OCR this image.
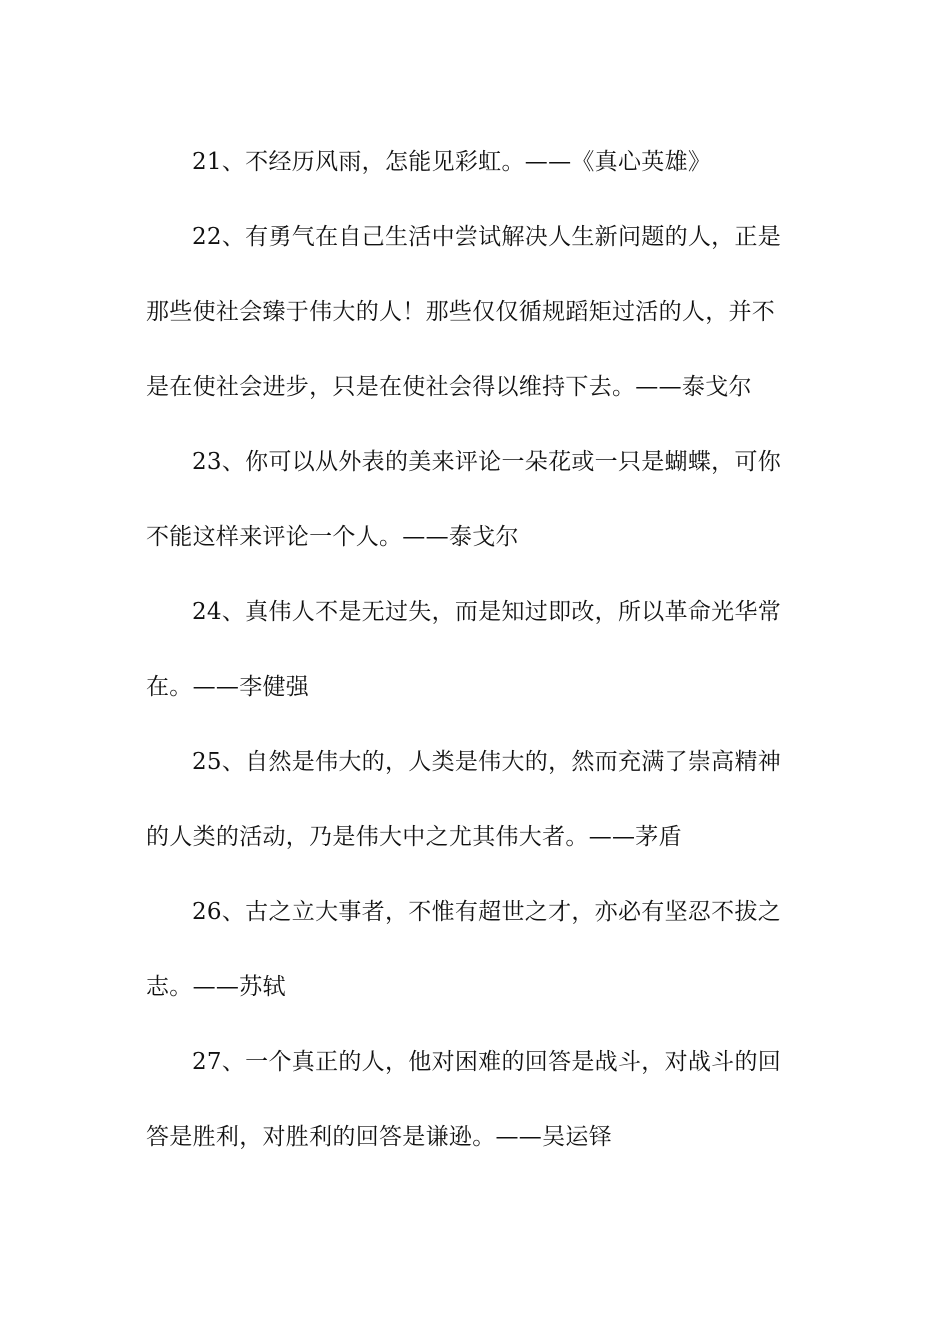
21、不经历风雨，怎能见彩虹。——《真心英雄》
22、有勇气在自己生活中尝试解决人生新问题的人，正是
那些使社会臻于伟大的人！那些仅仅循规蹈矩过活的人，并不
是在使社会进步，只是在使社会得以维持下去。——泰戈尔
23、你可以从外表的美来评论一朵花或一只是蝴蝶，可你
不能这样来评论一个人。——泰戈尔
24、真伟人不是无过失，而是知过即改，所以革命光华常
在。——李健强
25、自然是伟大的，人类是伟大的，然而充满了崇高精神
的人类的活动，乃是伟大中之尤其伟大者。——茅盾
26、古之立大事者，不惟有超世之才，亦必有坚忍不拔之
志。——苏轼
27、一个真正的人，他对困难的回答是战斗，对战斗的回
答是胜利，对胜利的回答是谦逊。——吴运铎
